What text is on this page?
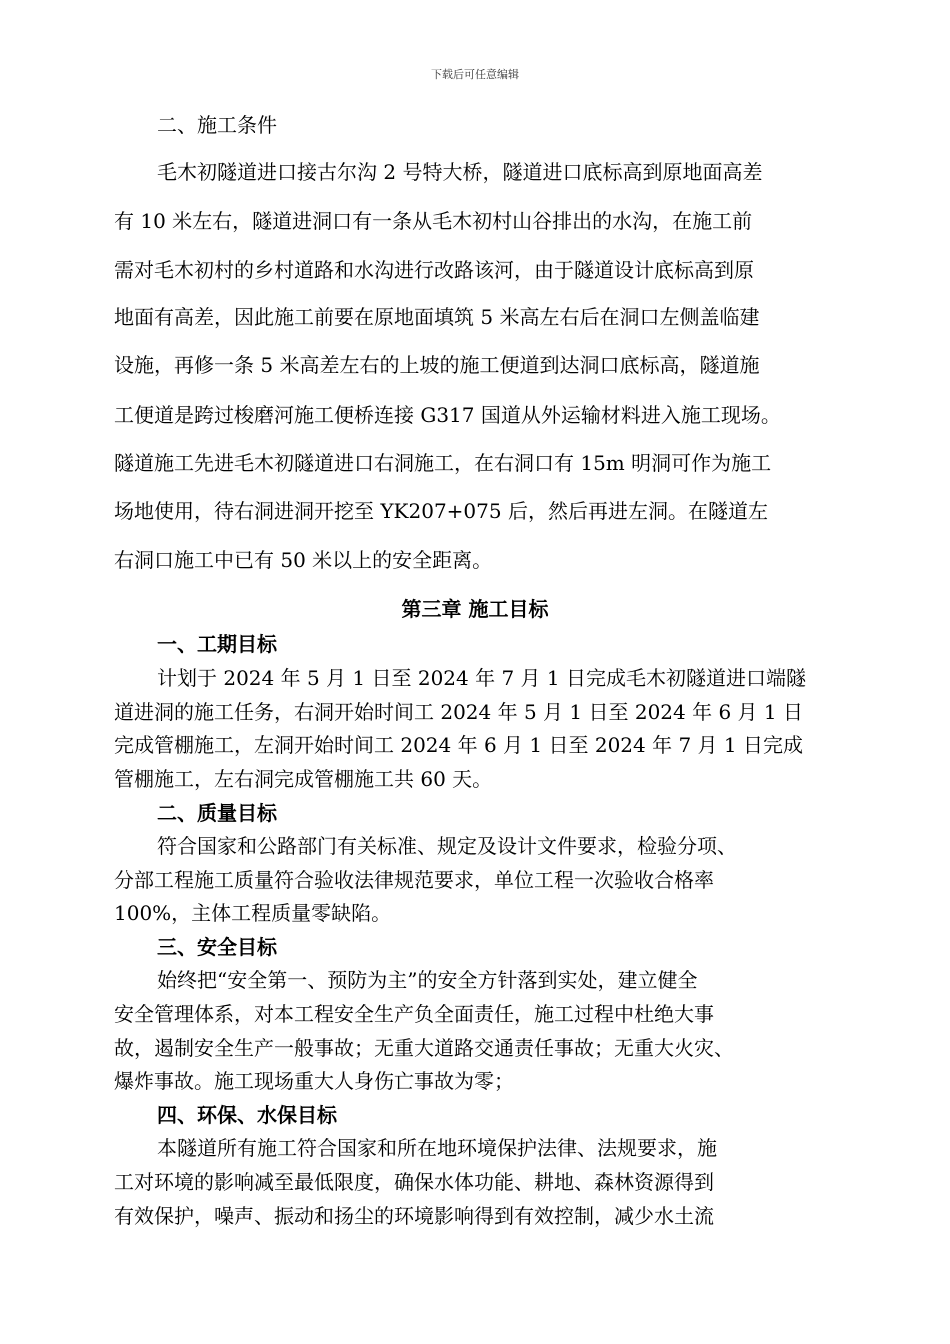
下载后可任意编辑
二、施工条件
毛木初隧道进口接古尔沟 2 号特大桥，隧道进口底标高到原地面高差
有 10 米左右，隧道进洞口有一条从毛木初村山谷排出的水沟，在施工前
需对毛木初村的乡村道路和水沟进行改路该河，由于隧道设计底标高到原
地面有高差，因此施工前要在原地面填筑 5 米高左右后在洞口左侧盖临建
设施，再修一条 5 米高差左右的上坡的施工便道到达洞口底标高，隧道施
工便道是跨过梭磨河施工便桥连接 G317 国道从外运输材料进入施工现场。
隧道施工先进毛木初隧道进口右洞施工，在右洞口有 15m 明洞可作为施工
场地使用，待右洞进洞开挖至 YK207+075 后，然后再进左洞。在隧道左
右洞口施工中已有 50 米以上的安全距离。
第三章 施工目标
一、工期目标
计划于 2024 年 5 月 1 日至 2024 年 7 月 1 日完成毛木初隧道进口端隧
道进洞的施工任务，右洞开始时间工 2024 年 5 月 1 日至 2024 年 6 月 1 日
完成管棚施工，左洞开始时间工 2024 年 6 月 1 日至 2024 年 7 月 1 日完成
管棚施工，左右洞完成管棚施工共 60 天。
二、质量目标
符合国家和公路部门有关标准、规定及设计文件要求，检验分项、
分部工程施工质量符合验收法律规范要求，单位工程一次验收合格率
100%，主体工程质量零缺陷。
三、安全目标
始终把“安全第一、预防为主”的安全方针落到实处，建立健全
安全管理体系，对本工程安全生产负全面责任，施工过程中杜绝大事
故，遏制安全生产一般事故；无重大道路交通责任事故；无重大火灾、
爆炸事故。施工现场重大人身伤亡事故为零；
四、环保、水保目标
本隧道所有施工符合国家和所在地环境保护法律、法规要求，施
工对环境的影响减至最低限度，确保水体功能、耕地、森林资源得到
有效保护，噪声、振动和扬尘的环境影响得到有效控制，减少水土流
